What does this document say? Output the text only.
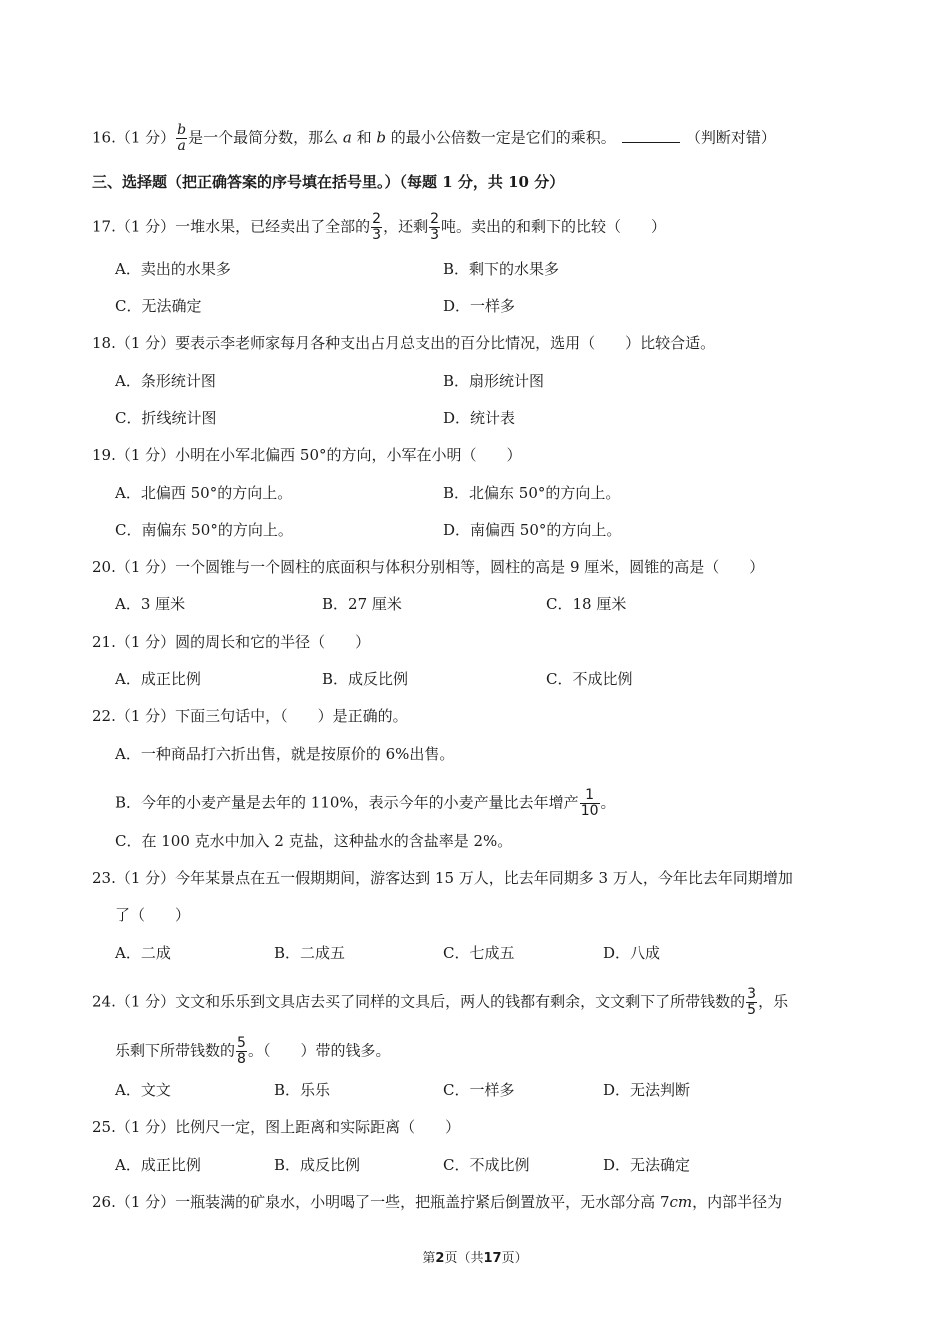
16.（1 分） $\frac{b}{a}$ 是一个最简分数，那么 a 和 b 的最小公倍数一定是它们的乘积。	（判断对错）
三、选择题（把正确答案的序号填在括号里。）（每题 1 分，共 10 分）
17.（1 分）一堆水果，已经卖出了全部的 $\frac{2}{3}$ ，还剩 $\frac{2}{3}$ 吨。卖出的和剩下的比较（　　）
A．卖出的水果多	B．剩下的水果多
C．无法确定	D．一样多
18.（1 分）要表示李老师家每月各种支出占月总支出的百分比情况，选用（　　）比较合适。
A．条形统计图	B．扇形统计图
C．折线统计图	D．统计表
19.（1 分）小明在小军北偏西 50°的方向，小军在小明（　　）
A．北偏西 50°的方向上。	B．北偏东 50°的方向上。
C．南偏东 50°的方向上。	D．南偏西 50°的方向上。
20.（1 分）一个圆锥与一个圆柱的底面积与体积分别相等，圆柱的高是 9 厘米，圆锥的高是（　　）
A．3 厘米	B．27 厘米	C．18 厘米
21.（1 分）圆的周长和它的半径（　　）
A．成正比例	B．成反比例	C．不成比例
22.（1 分）下面三句话中，（　　）是正确的。
A．一种商品打六折出售，就是按原价的 6%出售。
B．今年的小麦产量是去年的 110%，表示今年的小麦产量比去年增产 $\frac{1}{10}$ 。
C．在 100 克水中加入 2 克盐，这种盐水的含盐率是 2%。
23.（1 分）今年某景点在五一假期期间，游客达到 15 万人，比去年同期多 3 万人，今年比去年同期增加
了（　　）
A．二成	B．二成五	C．七成五	D．八成
24.（1 分）文文和乐乐到文具店去买了同样的文具后，两人的钱都有剩余，文文剩下了所带钱数的 $\frac{3}{5}$ ，乐
乐剩下所带钱数的 $\frac{5}{8}$ 。（　　）带的钱多。
A．文文	B．乐乐	C．一样多	D．无法判断
25.（1 分）比例尺一定，图上距离和实际距离（　　）
A．成正比例	B．成反比例	C．不成比例	D．无法确定
26.（1 分）一瓶装满的矿泉水，小明喝了一些，把瓶盖拧紧后倒置放平，无水部分高 7cm，内部半径为
第2页（共17页）
